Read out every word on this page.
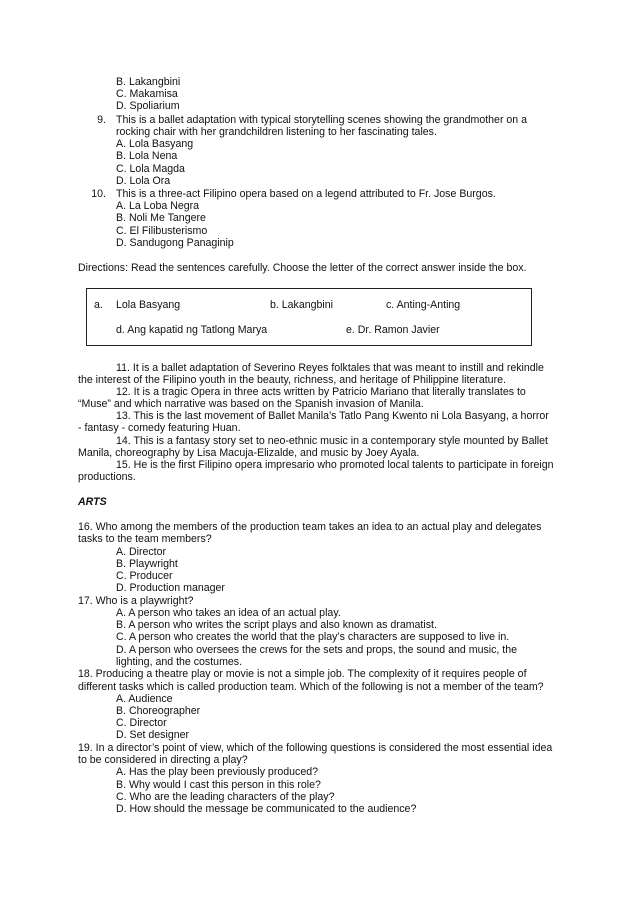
B. Lakangbini
C. Makamisa
D. Spoliarium
9. This is a ballet adaptation with typical storytelling scenes showing the grandmother on a
rocking chair with her grandchildren listening to her fascinating tales.
A. Lola Basyang
B. Lola Nena
C. Lola Magda
D. Lola Ora
10. This is a three-act Filipino opera based on a legend attributed to Fr. Jose Burgos.
A. La Loba Negra
B. Noli Me Tangere
C. El Filibusterismo
D. Sandugong Panaginip
Directions: Read the sentences carefully. Choose the letter of the correct answer inside the box.
a. Lola Basyang	b. Lakangbini	c. Anting-Anting
d. Ang kapatid ng Tatlong Marya	e. Dr. Ramon Javier
11. It is a ballet adaptation of Severino Reyes folktales that was meant to instill and rekindle
the interest of the Filipino youth in the beauty, richness, and heritage of Philippine literature.
12. It is a tragic Opera in three acts written by Patricio Mariano that literally translates to
“Muse” and which narrative was based on the Spanish invasion of Manila.
13. This is the last movement of Ballet Manila’s Tatlo Pang Kwento ni Lola Basyang, a horror
- fantasy - comedy featuring Huan.
14. This is a fantasy story set to neo-ethnic music in a contemporary style mounted by Ballet
Manila, choreography by Lisa Macuja-Elizalde, and music by Joey Ayala.
15. He is the first Filipino opera impresario who promoted local talents to participate in foreign
productions.
ARTS
16. Who among the members of the production team takes an idea to an actual play and delegates
tasks to the team members?
A. Director
B. Playwright
C. Producer
D. Production manager
17. Who is a playwright?
A. A person who takes an idea of an actual play.
B. A person who writes the script plays and also known as dramatist.
C. A person who creates the world that the play’s characters are supposed to live in.
D. A person who oversees the crews for the sets and props, the sound and music, the
lighting, and the costumes.
18. Producing a theatre play or movie is not a simple job. The complexity of it requires people of
different tasks which is called production team. Which of the following is not a member of the team?
A. Audience
B. Choreographer
C. Director
D. Set designer
19. In a director’s point of view, which of the following questions is considered the most essential idea
to be considered in directing a play?
A. Has the play been previously produced?
B. Why would I cast this person in this role?
C. Who are the leading characters of the play?
D. How should the message be communicated to the audience?
